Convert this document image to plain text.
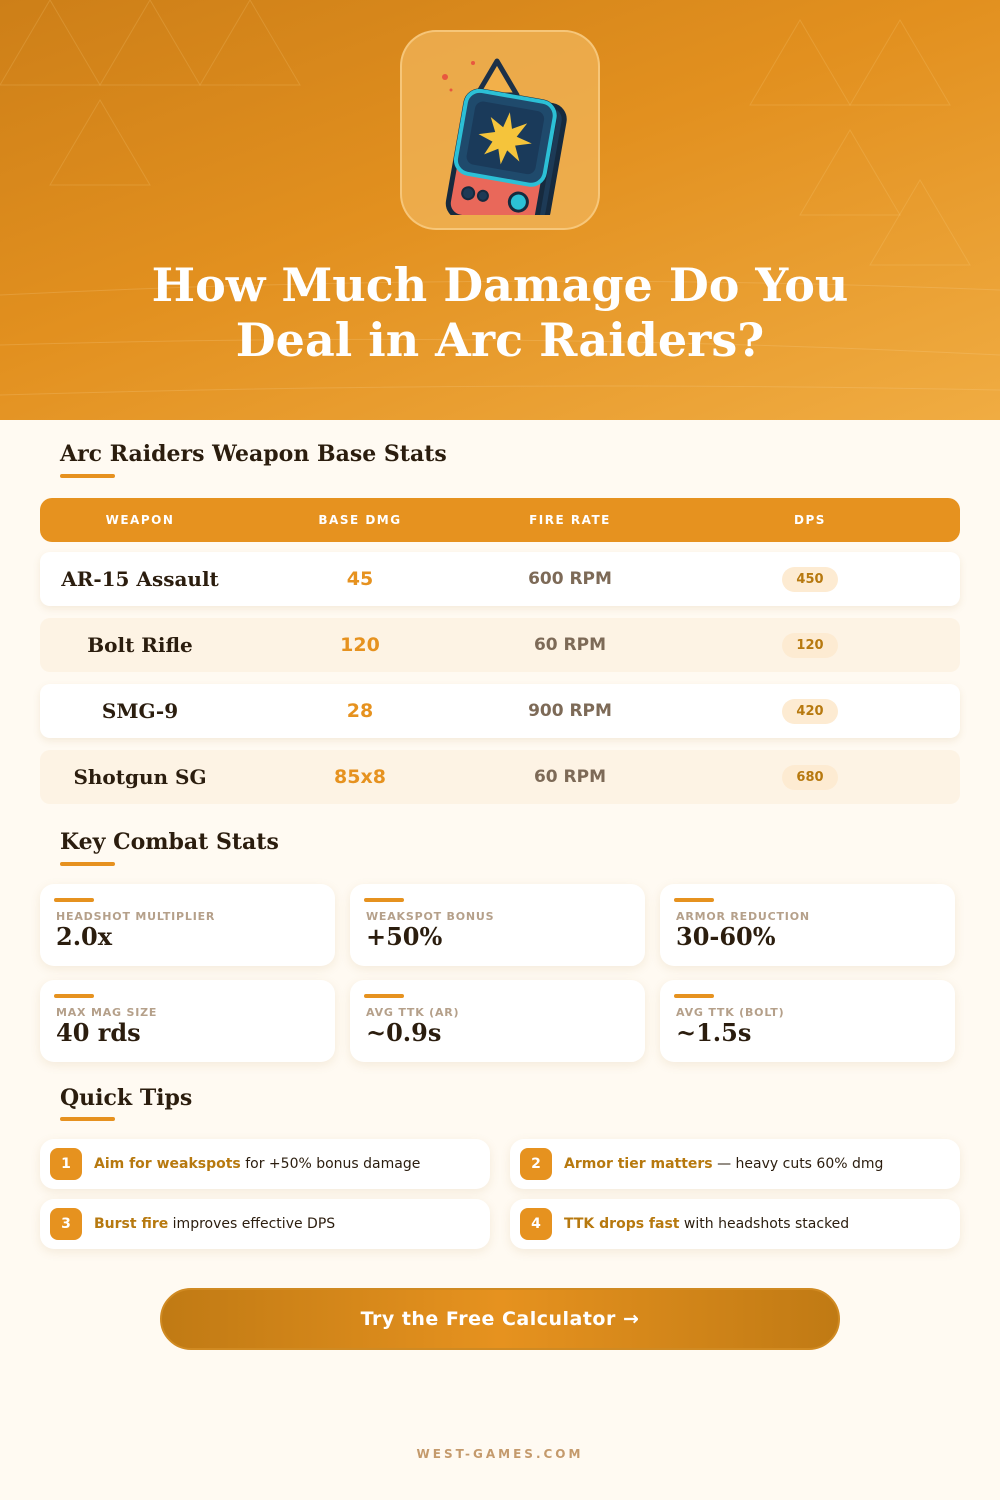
How Much Damage Do You Deal in Arc Raiders?
Arc Raiders Weapon Base Stats
WEAPON	BASE DMG	FIRE RATE	DPS
AR-15 Assault	45	600 RPM	450
Bolt Rifle	120	60 RPM	120
SMG-9	28	900 RPM	420
Shotgun SG	85x8	60 RPM	680
Key Combat Stats
HEADSHOT MULTIPLIER
2.0x
WEAKSPOT BONUS
+50%
ARMOR REDUCTION
30-60%
MAX MAG SIZE
40 rds
AVG TTK (AR)
~0.9s
AVG TTK (BOLT)
~1.5s
Quick Tips
1	Aim for weakspots for +50% bonus damage	2	Armor tier matters — heavy cuts 60% dmg
3	Burst fire improves effective DPS	4	TTK drops fast with headshots stacked
Try the Free Calculator →
WEST-GAMES.COM
